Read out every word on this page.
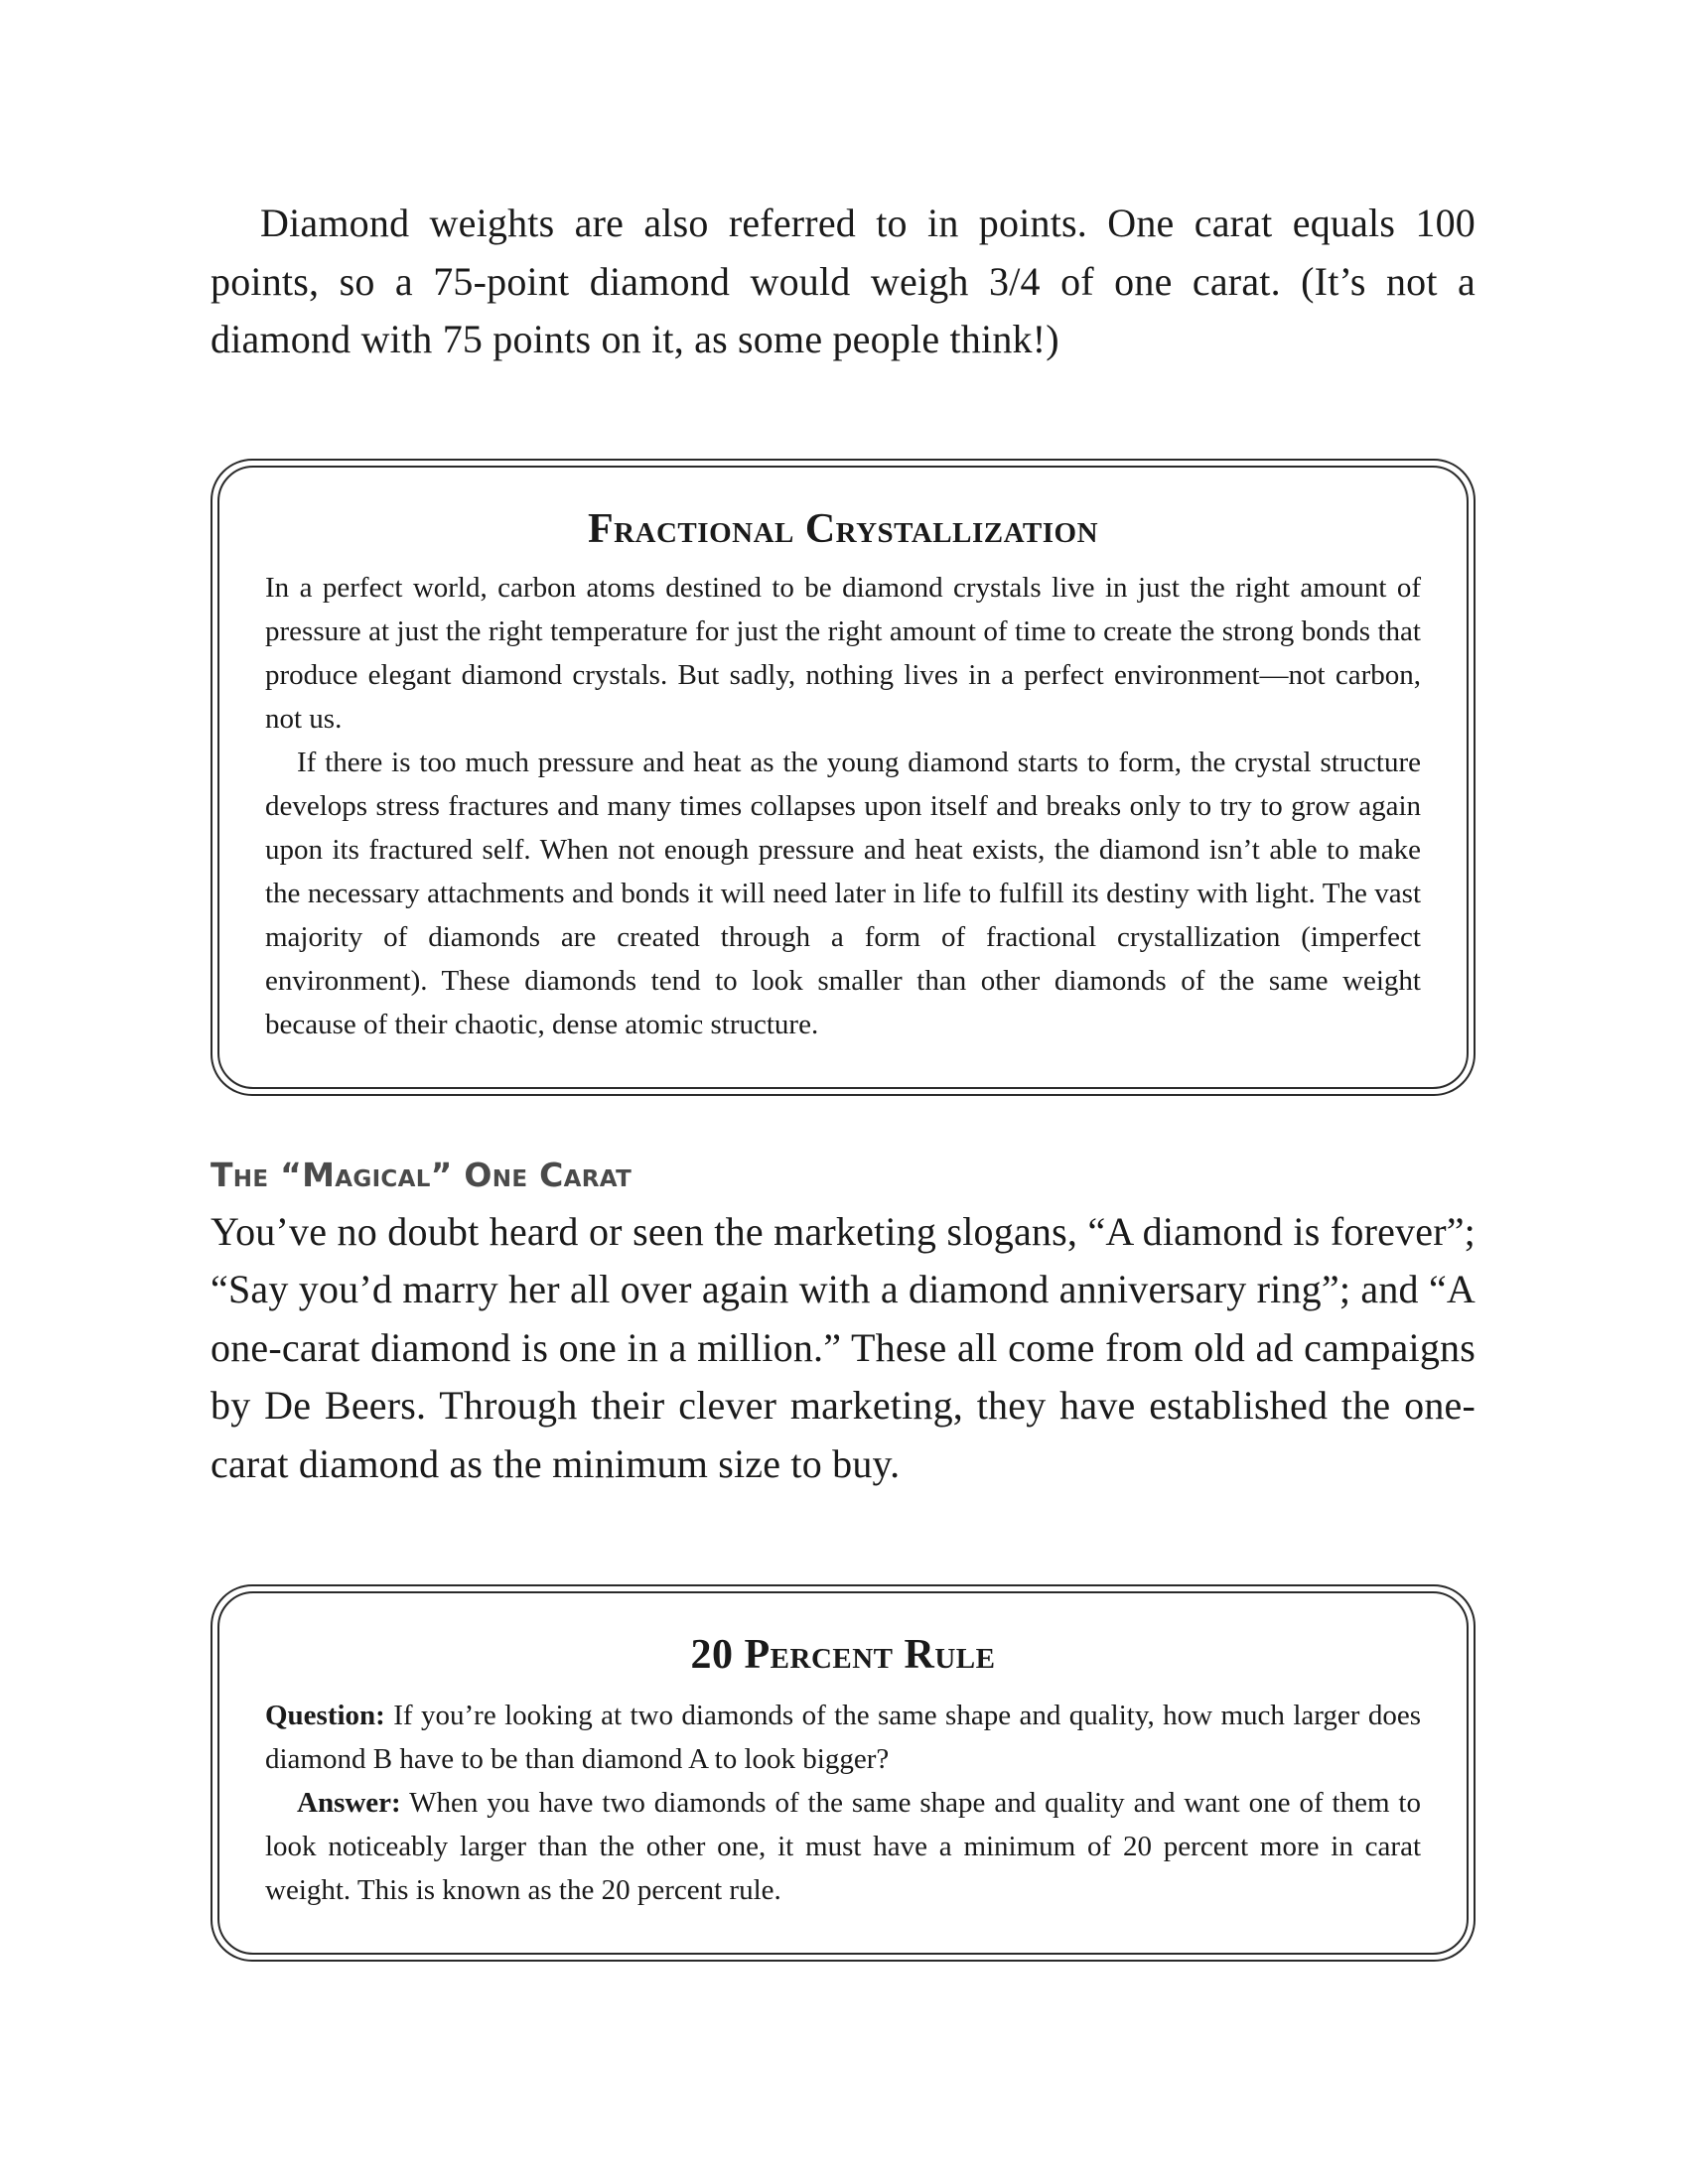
Diamond weights are also referred to in points. One carat equals 100 points, so a 75-point diamond would weigh 3/4 of one carat. (It’s not a diamond with 75 points on it, as some people think!)

Fractional Crystallization

In a perfect world, carbon atoms destined to be diamond crystals live in just the right amount of pressure at just the right temperature for just the right amount of time to create the strong bonds that produce elegant diamond crystals. But sadly, nothing lives in a perfect environment—not carbon, not us.

If there is too much pressure and heat as the young diamond starts to form, the crystal structure develops stress fractures and many times collapses upon itself and breaks only to try to grow again upon its fractured self. When not enough pressure and heat exists, the diamond isn’t able to make the necessary attachments and bonds it will need later in life to fulfill its destiny with light. The vast majority of diamonds are created through a form of fractional crystallization (imperfect environment). These diamonds tend to look smaller than other diamonds of the same weight because of their chaotic, dense atomic structure.

The “Magical” One Carat

You’ve no doubt heard or seen the marketing slogans, “A diamond is forever”; “Say you’d marry her all over again with a diamond anniversary ring”; and “A one-carat diamond is one in a million.” These all come from old ad campaigns by De Beers. Through their clever marketing, they have established the one-carat diamond as the minimum size to buy.

20 Percent Rule

Question: If you’re looking at two diamonds of the same shape and quality, how much larger does diamond B have to be than diamond A to look bigger?

Answer: When you have two diamonds of the same shape and quality and want one of them to look noticeably larger than the other one, it must have a minimum of 20 percent more in carat weight. This is known as the 20 percent rule.
